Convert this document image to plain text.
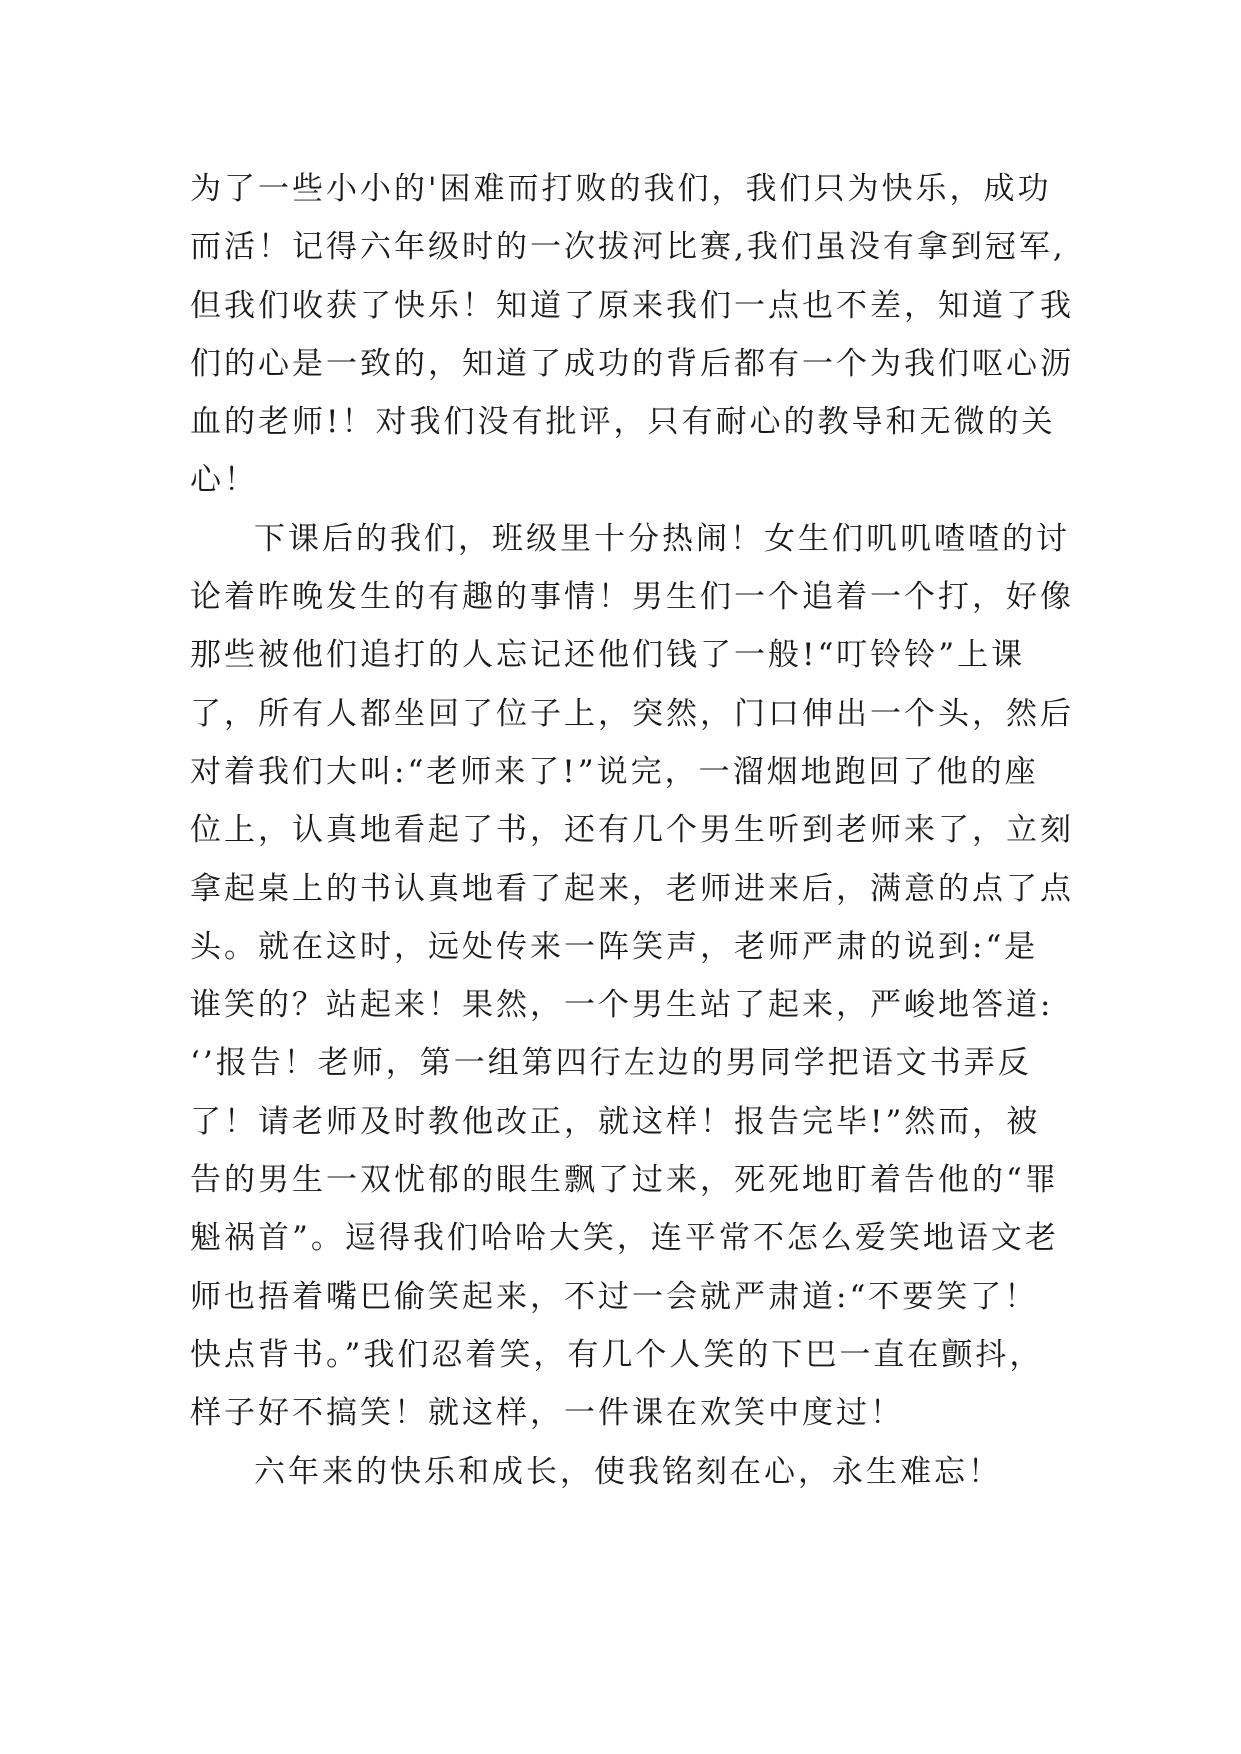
为了一些小小的'困难而打败的我们，我们只为快乐，成功
而活！记得六年级时的一次拔河比赛,我们虽没有拿到冠军,
但我们收获了快乐！知道了原来我们一点也不差，知道了我
们的心是一致的，知道了成功的背后都有一个为我们呕心沥
血的老师!！对我们没有批评，只有耐心的教导和无微的关
心！
下课后的我们，班级里十分热闹！女生们叽叽喳喳的讨
论着昨晚发生的有趣的事情！男生们一个追着一个打，好像
那些被他们追打的人忘记还他们钱了一般!“叮铃铃”上课
了，所有人都坐回了位子上，突然，门口伸出一个头，然后
对着我们大叫:“老师来了!”说完，一溜烟地跑回了他的座
位上，认真地看起了书，还有几个男生听到老师来了，立刻
拿起桌上的书认真地看了起来，老师进来后，满意的点了点
头。就在这时，远处传来一阵笑声，老师严肃的说到:“是
谁笑的？站起来！果然，一个男生站了起来，严峻地答道:
‘’报告！老师，第一组第四行左边的男同学把语文书弄反
了！请老师及时教他改正，就这样！报告完毕!”然而，被
告的男生一双忧郁的眼生飘了过来，死死地盯着告他的“罪
魁祸首”。逗得我们哈哈大笑，连平常不怎么爱笑地语文老
师也捂着嘴巴偷笑起来，不过一会就严肃道:“不要笑了！
快点背书。”我们忍着笑，有几个人笑的下巴一直在颤抖，
样子好不搞笑！就这样，一件课在欢笑中度过！
六年来的快乐和成长，使我铭刻在心，永生难忘！
